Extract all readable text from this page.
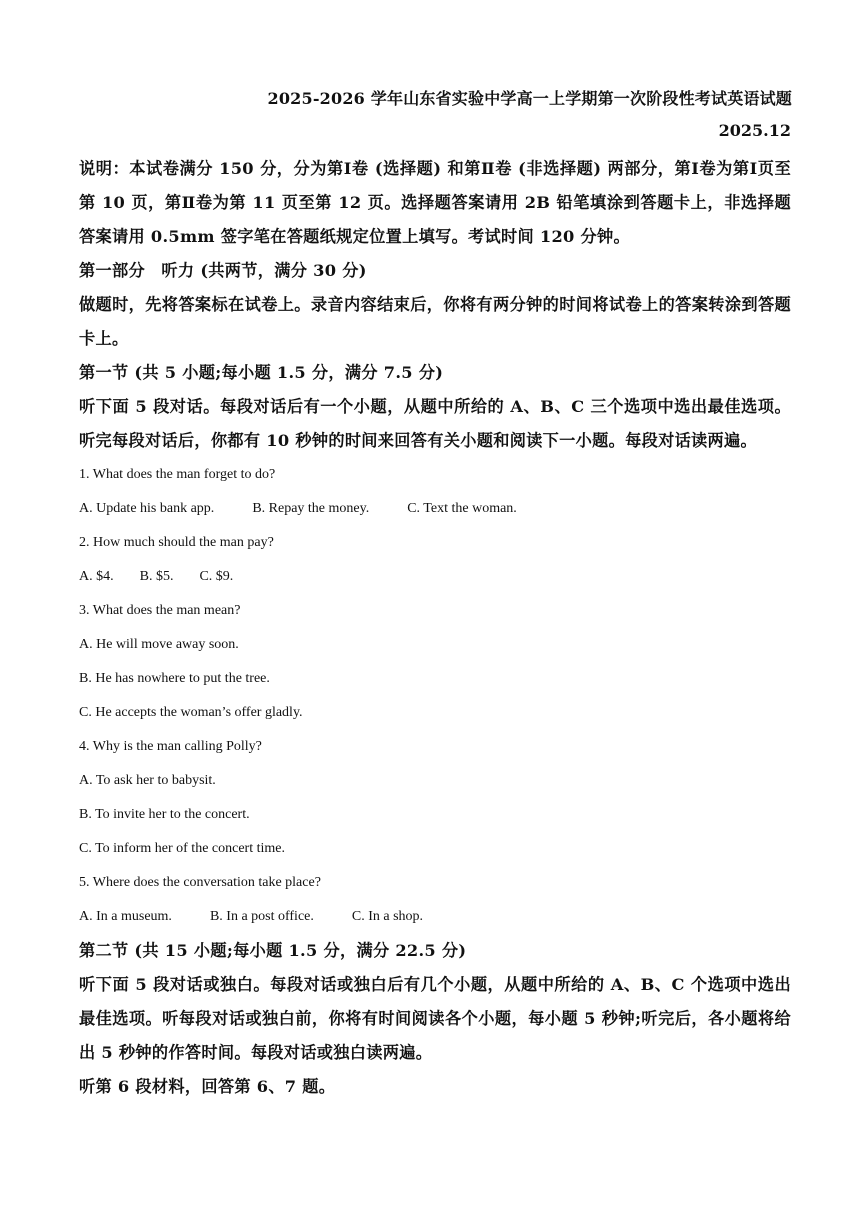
2025-2026 学年山东省实验中学高一上学期第一次阶段性考试英语试题
2025.12

说明：本试卷满分 150 分，分为第Ⅰ卷 (选择题) 和第Ⅱ卷 (非选择题) 两部分，第Ⅰ卷为第Ⅰ页至第 10 页，第Ⅱ卷为第 11 页至第 12 页。选择题答案请用 2B 铅笔填涂到答题卡上，非选择题答案请用 0.5mm 签字笔在答题纸规定位置上填写。考试时间 120 分钟。

第一部分　听力 (共两节，满分 30 分)

做题时，先将答案标在试卷上。录音内容结束后，你将有两分钟的时间将试卷上的答案转涂到答题卡上。

第一节 (共 5 小题;每小题 1.5 分，满分 7.5 分)

听下面 5 段对话。每段对话后有一个小题，从题中所给的 A、B、C 三个选项中选出最佳选项。听完每段对话后，你都有 10 秒钟的时间来回答有关小题和阅读下一小题。每段对话读两遍。

1. What does the man forget to do?

A. Update his bank app.	B. Repay the money.	C. Text the woman.

2. How much should the man pay?

A. $4. B. $5. C. $9.

3. What does the man mean?

A. He will move away soon.

B. He has nowhere to put the tree.

C. He accepts the woman’s offer gladly.

4. Why is the man calling Polly?

A. To ask her to babysit.

B. To invite her to the concert.

C. To inform her of the concert time.

5. Where does the conversation take place?

A. In a museum.	B. In a post office.	C. In a shop.

第二节 (共 15 小题;每小题 1.5 分，满分 22.5 分)

听下面 5 段对话或独白。每段对话或独白后有几个小题，从题中所给的 A、B、C 个选项中选出最佳选项。听每段对话或独白前，你将有时间阅读各个小题，每小题 5 秒钟;听完后，各小题将给出 5 秒钟的作答时间。每段对话或独白读两遍。

听第 6 段材料，回答第 6、7 题。
